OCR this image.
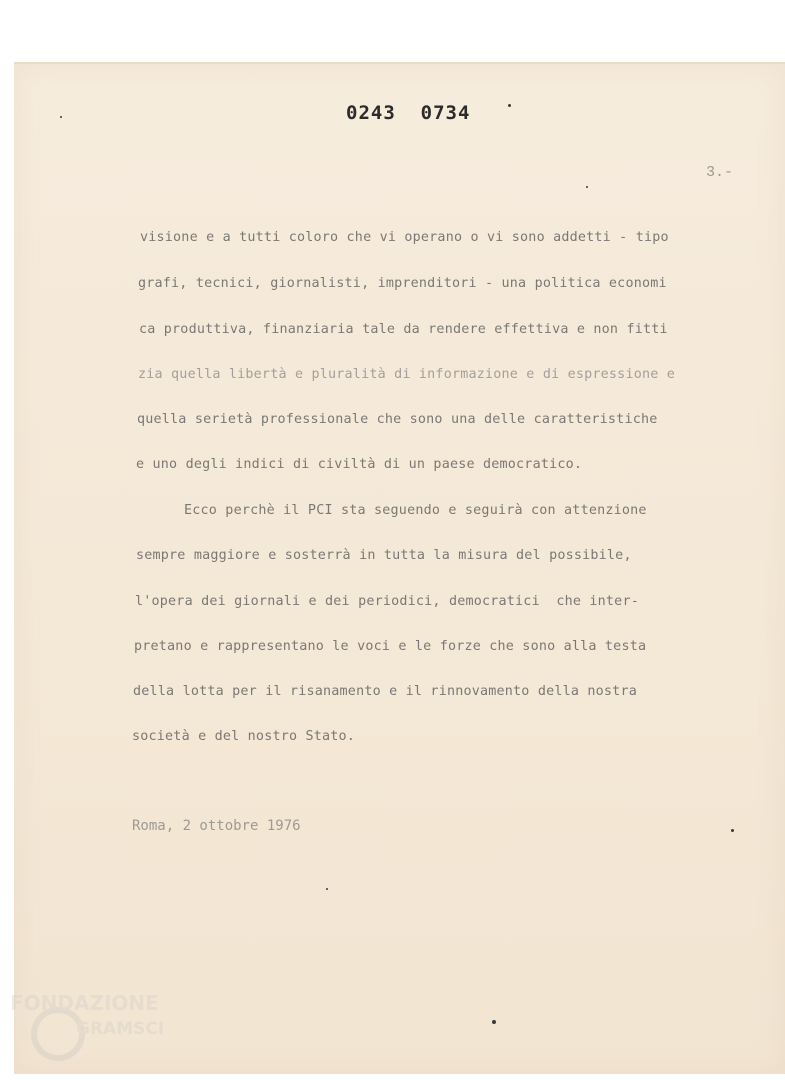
0243  0734
3.-
visione e a tutti coloro che vi operano o vi sono addetti - tipo
grafi, tecnici, giornalisti, imprenditori - una politica economi
ca produttiva, finanziaria tale da rendere effettiva e non fitti
zia quella libertà e pluralità di informazione e di espressione e
quella serietà professionale che sono una delle caratteristiche
e uno degli indici di civiltà di un paese democratico.
Ecco perchè il PCI sta seguendo e seguirà con attenzione
sempre maggiore e sosterrà in tutta la misura del possibile,
l'opera dei giornali e dei periodici, democratici  che inter-
pretano e rappresentano le voci e le forze che sono alla testa
della lotta per il risanamento e il rinnovamento della nostra
società e del nostro Stato.
Roma, 2 ottobre 1976
FONDAZIONE
GRAMSCI
